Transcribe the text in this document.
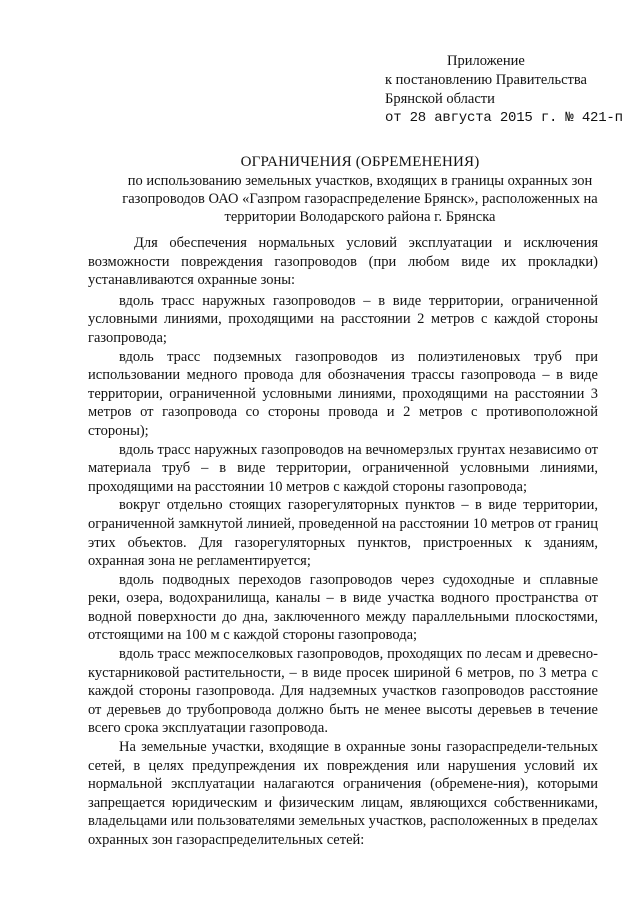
Приложение
к постановлению Правительства
Брянской области
от 28 августа 2015 г. № 421-п
ОГРАНИЧЕНИЯ (ОБРЕМЕНЕНИЯ)
по использованию земельных участков, входящих в границы охранных зон
газопроводов ОАО «Газпром газораспределение Брянск», расположенных на
территории Володарского района г. Брянска

Для обеспечения нормальных условий эксплуатации и исключения возможности повреждения газопроводов (при любом виде их прокладки) устанавливаются охранные зоны:

вдоль трасс наружных газопроводов – в виде территории, ограниченной условными линиями, проходящими на расстоянии 2 метров с каждой стороны газопровода;

вдоль трасс подземных газопроводов из полиэтиленовых труб при использовании медного провода для обозначения трассы газопровода – в виде территории, ограниченной условными линиями, проходящими на расстоянии 3 метров от газопровода со стороны провода и 2 метров с противоположной стороны);

вдоль трасс наружных газопроводов на вечномерзлых грунтах независимо от материала труб – в виде территории, ограниченной условными линиями, проходящими на расстоянии 10 метров с каждой стороны газопровода;

вокруг отдельно стоящих газорегуляторных пунктов – в виде территории, ограниченной замкнутой линией, проведенной на расстоянии 10 метров от границ этих объектов. Для газорегуляторных пунктов, пристроенных к зданиям, охранная зона не регламентируется;

вдоль подводных переходов газопроводов через судоходные и сплавные реки, озера, водохранилища, каналы – в виде участка водного пространства от водной поверхности до дна, заключенного между параллельными плоскостями, отстоящими на 100 м с каждой стороны газопровода;

вдоль трасс межпоселковых газопроводов, проходящих по лесам и древесно-кустарниковой растительности, – в виде просек шириной 6 метров, по 3 метра с каждой стороны газопровода. Для надземных участков газопроводов расстояние от деревьев до трубопровода должно быть не менее высоты деревьев в течение всего срока эксплуатации газопровода.

На земельные участки, входящие в охранные зоны газораспредели-тельных сетей, в целях предупреждения их повреждения или нарушения условий их нормальной эксплуатации налагаются ограничения (обремене-ния), которыми запрещается юридическим и физическим лицам, являющихся собственниками, владельцами или пользователями земельных участков, расположенных в пределах охранных зон газораспределительных сетей:
